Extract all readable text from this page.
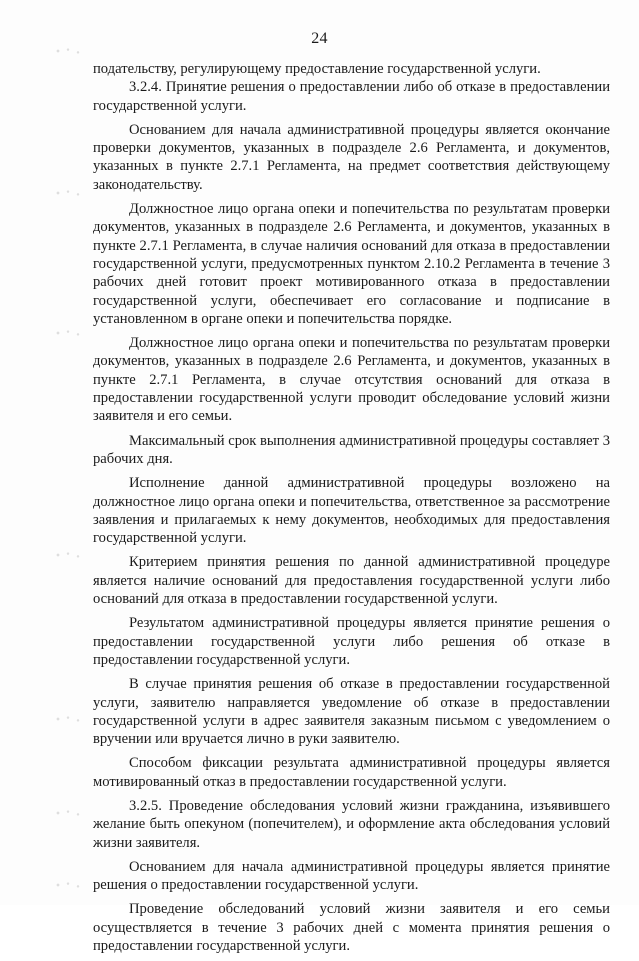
24

подательству, регулирующему предоставление государственной услуги.

3.2.4. Принятие решения о предоставлении либо об отказе в предоставлении государственной услуги.

Основанием для начала административной процедуры является окончание проверки документов, указанных в подразделе 2.6 Регламента, и документов, указанных в пункте 2.7.1 Регламента, на предмет соответствия действующему законодательству.

Должностное лицо органа опеки и попечительства по результатам проверки документов, указанных в подразделе 2.6 Регламента, и документов, указанных в пункте 2.7.1 Регламента, в случае наличия оснований для отказа в предоставлении государственной услуги, предусмотренных пунктом 2.10.2 Регламента в течение 3 рабочих дней готовит проект мотивированного отказа в предоставлении государственной услуги, обеспечивает его согласование и подписание в установленном в органе опеки и попечительства порядке.

Должностное лицо органа опеки и попечительства по результатам проверки документов, указанных в подразделе 2.6 Регламента, и документов, указанных в пункте 2.7.1 Регламента, в случае отсутствия оснований для отказа в предоставлении государственной услуги проводит обследование условий жизни заявителя и его семьи.

Максимальный срок выполнения административной процедуры составляет 3 рабочих дня.

Исполнение данной административной процедуры возложено на должностное лицо органа опеки и попечительства, ответственное за рассмотрение заявления и прилагаемых к нему документов, необходимых для предоставления государственной услуги.

Критерием принятия решения по данной административной процедуре является наличие оснований для предоставления государственной услуги либо оснований для отказа в предоставлении государственной услуги.

Результатом административной процедуры является принятие решения о предоставлении государственной услуги либо решения об отказе в предоставлении государственной услуги.

В случае принятия решения об отказе в предоставлении государственной услуги, заявителю направляется уведомление об отказе в предоставлении государственной услуги в адрес заявителя заказным письмом с уведомлением о вручении или вручается лично в руки заявителю.

Способом фиксации результата административной процедуры является мотивированный отказ в предоставлении государственной услуги.

3.2.5. Проведение обследования условий жизни гражданина, изъявившего желание быть опекуном (попечителем), и оформление акта обследования условий жизни заявителя.

Основанием для начала административной процедуры является принятие решения о предоставлении государственной услуги.

Проведение обследований условий жизни заявителя и его семьи осуществляется в течение 3 рабочих дней с момента принятия решения о предоставлении государственной услуги.
